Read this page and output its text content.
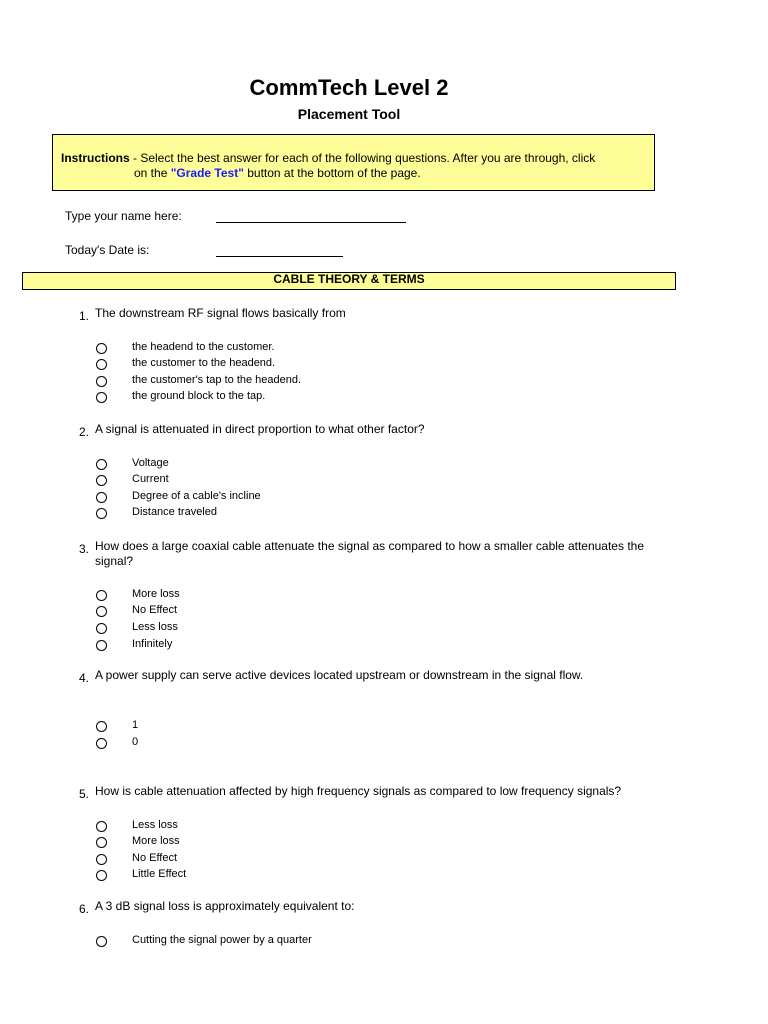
CommTech Level 2
Placement Tool
Instructions - Select the best answer for each of the following questions. After you are through, click
on the "Grade Test" button at the bottom of the page.
Type your name here:
Today's Date is:
CABLE THEORY & TERMS
1. The downstream RF signal flows basically from
the headend to the customer.
the customer to the headend.
the customer's tap to the headend.
the ground block to the tap.
2. A signal is attenuated in direct proportion to what other factor?
Voltage
Current
Degree of a cable's incline
Distance traveled
3. How does a large coaxial cable attenuate the signal as compared to how a smaller cable attenuates the
signal?
More loss
No Effect
Less loss
Infinitely
4. A power supply can serve active devices located upstream or downstream in the signal flow.
1
0
5. How is cable attenuation affected by high frequency signals as compared to low frequency signals?
Less loss
More loss
No Effect
Little Effect
6. A 3 dB signal loss is approximately equivalent to:
Cutting the signal power by a quarter
